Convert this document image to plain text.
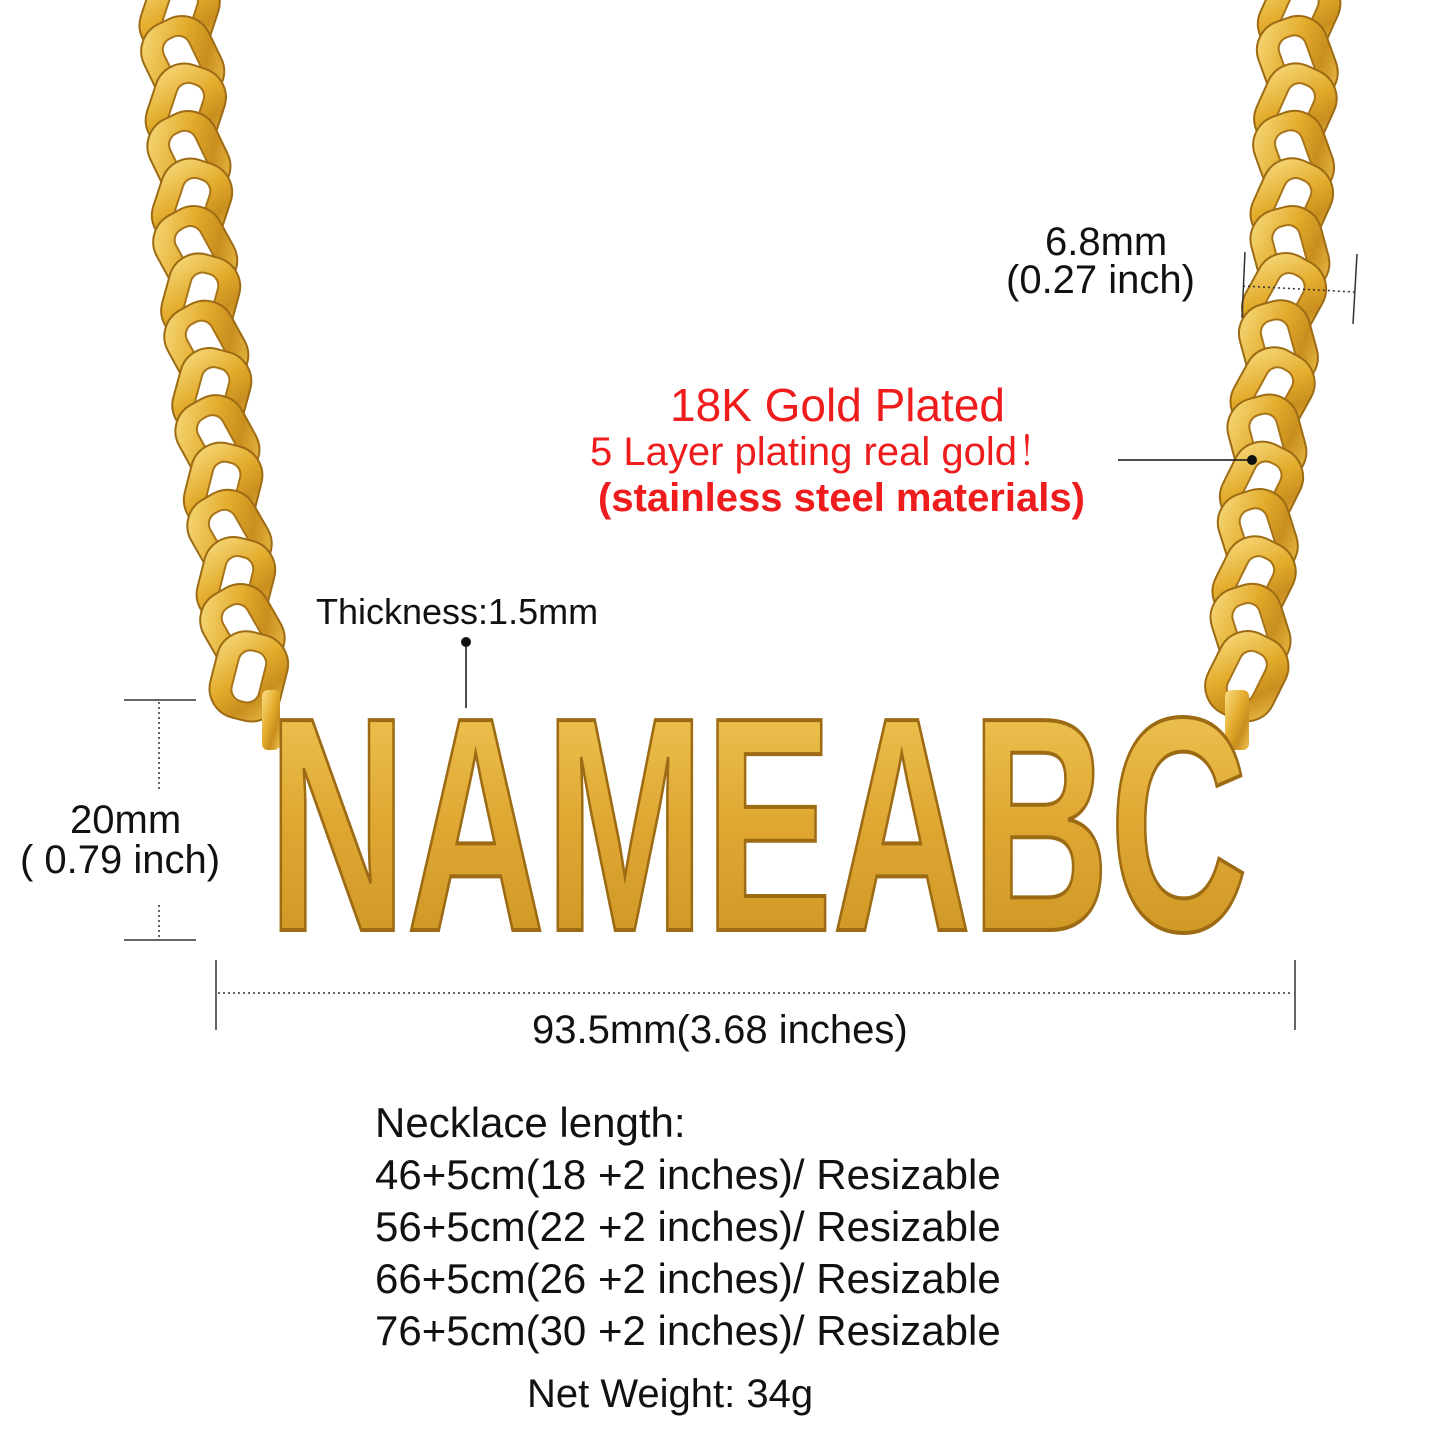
NAMEABC
6.8mm
(0.27 inch)
18K Gold Plated
5 Layer plating real gold！
(stainless steel materials)
Thickness:1.5mm
20mm
( 0.79 inch)
93.5mm(3.68 inches)
Necklace length:
46+5cm(18 +2 inches)/ Resizable
56+5cm(22 +2 inches)/ Resizable
66+5cm(26 +2 inches)/ Resizable
76+5cm(30 +2 inches)/ Resizable
Net Weight: 34g
